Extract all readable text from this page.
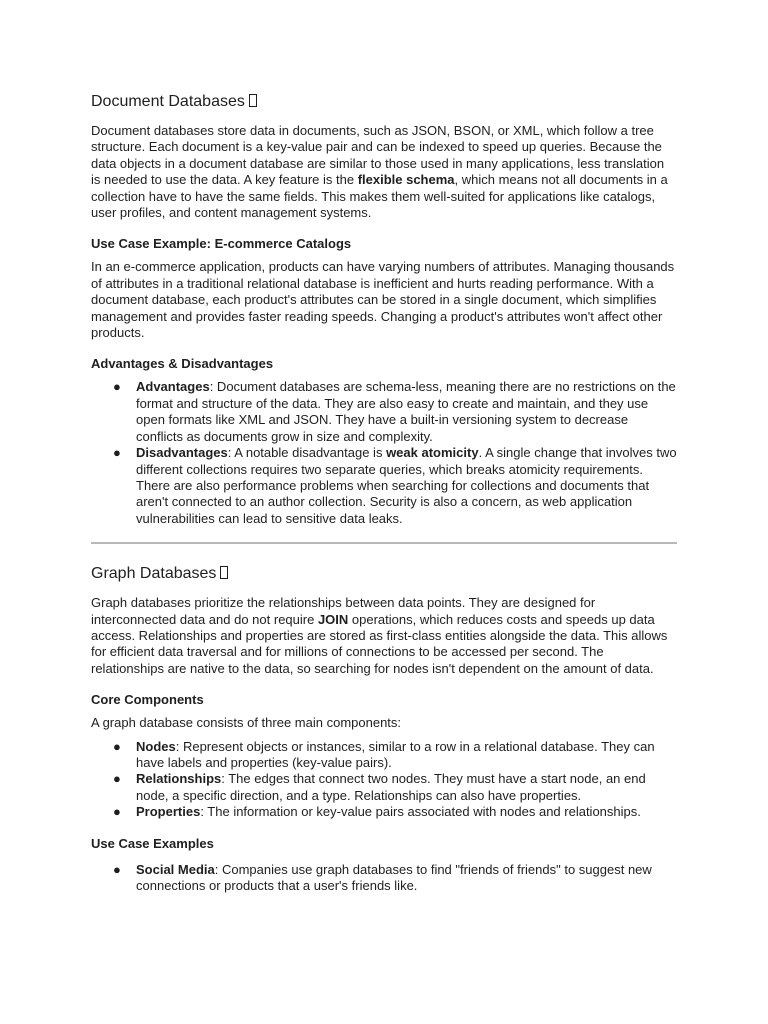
Document Databases

Document databases store data in documents, such as JSON, BSON, or XML, which follow a tree structure. Each document is a key-value pair and can be indexed to speed up queries. Because the data objects in a document database are similar to those used in many applications, less translation is needed to use the data. A key feature is the flexible schema, which means not all documents in a collection have to have the same fields. This makes them well-suited for applications like catalogs, user profiles, and content management systems.

Use Case Example: E-commerce Catalogs

In an e-commerce application, products can have varying numbers of attributes. Managing thousands of attributes in a traditional relational database is inefficient and hurts reading performance. With a document database, each product's attributes can be stored in a single document, which simplifies management and provides faster reading speeds. Changing a product's attributes won't affect other products.

Advantages & Disadvantages
● Advantages: Document databases are schema-less, meaning there are no restrictions on the format and structure of the data. They are also easy to create and maintain, and they use open formats like XML and JSON. They have a built-in versioning system to decrease conflicts as documents grow in size and complexity.
● Disadvantages: A notable disadvantage is weak atomicity. A single change that involves two different collections requires two separate queries, which breaks atomicity requirements. There are also performance problems when searching for collections and documents that aren't connected to an author collection. Security is also a concern, as web application vulnerabilities can lead to sensitive data leaks.
Graph Databases

Graph databases prioritize the relationships between data points. They are designed for interconnected data and do not require JOIN operations, which reduces costs and speeds up data access. Relationships and properties are stored as first-class entities alongside the data. This allows for efficient data traversal and for millions of connections to be accessed per second. The relationships are native to the data, so searching for nodes isn't dependent on the amount of data.

Core Components

A graph database consists of three main components:

● Nodes: Represent objects or instances, similar to a row in a relational database. They can have labels and properties (key-value pairs).
● Relationships: The edges that connect two nodes. They must have a start node, an end node, a specific direction, and a type. Relationships can also have properties.
● Properties: The information or key-value pairs associated with nodes and relationships.
Use Case Examples
● Social Media: Companies use graph databases to find "friends of friends" to suggest new connections or products that a user's friends like.
